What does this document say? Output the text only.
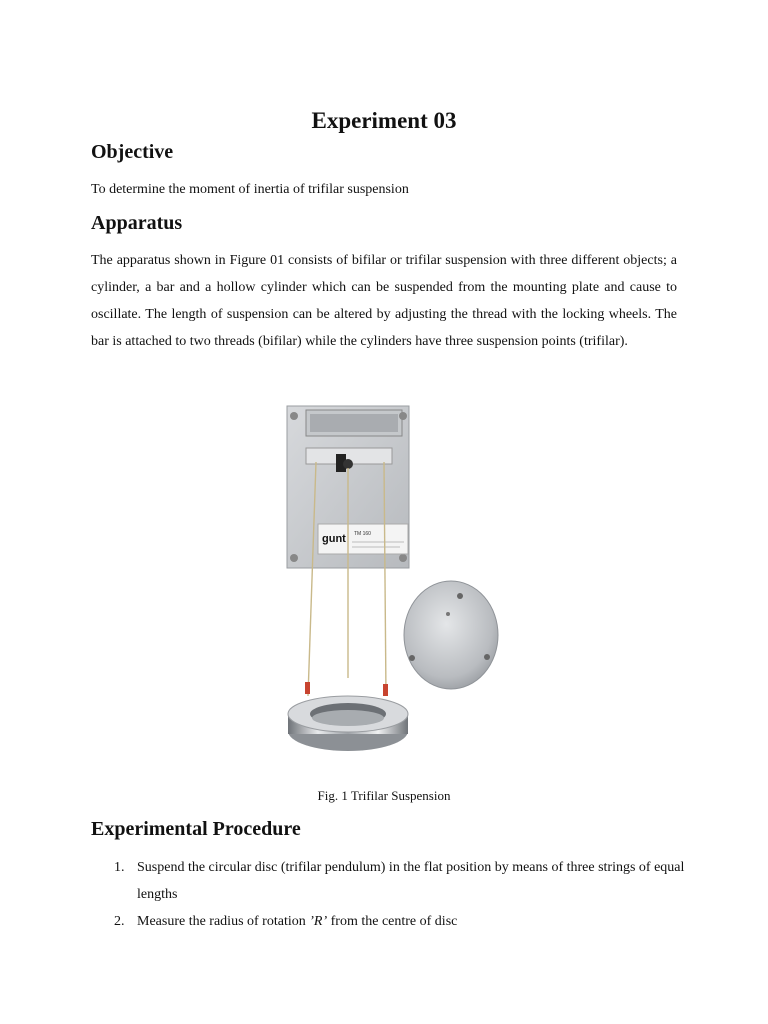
Experiment 03
Objective

To determine the moment of inertia of trifilar suspension

Apparatus

The apparatus shown in Figure 01 consists of bifilar or trifilar suspension with three different objects; a cylinder, a bar and a hollow cylinder which can be suspended from the mounting plate and cause to oscillate. The length of suspension can be altered by adjusting the thread with the locking wheels. The bar is attached to two threads (bifilar) while the cylinders have three suspension points (trifilar).

gunt TM 160
Fig. 1 Trifilar Suspension
Experimental Procedure
1. Suspend the circular disc (trifilar pendulum) in the flat position by means of three strings of equal lengths
2. Measure the radius of rotation ’R’ from the centre of disc
